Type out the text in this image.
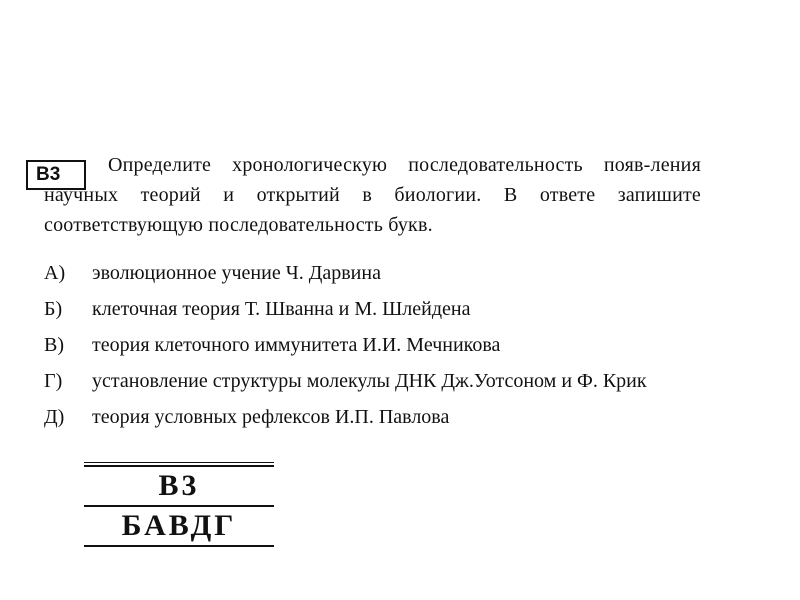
В3	Определите хронологическую последовательность появ-ления научных теорий и открытий в биологии. В ответе запишите соответствующую последовательность букв.
А)	эволюционное учение Ч. Дарвина
Б)	клеточная теория Т. Шванна и М. Шлейдена
В)	теория клеточного иммунитета И.И. Мечникова
Г)	установление структуры молекулы ДНК Дж.Уотсоном и Ф. Крик
Д)	теория условных рефлексов И.П. Павлова
В3
БАВДГ
